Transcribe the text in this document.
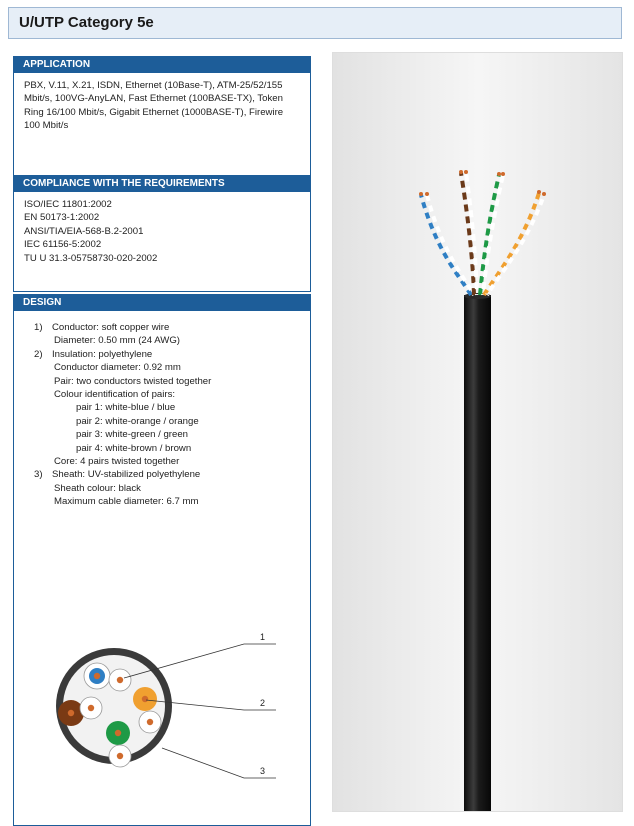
U/UTP Category 5e
APPLICATION
PBX, V.11, X.21, ISDN, Ethernet (10Base-T), ATM-25/52/155
Mbit/s, 100VG-AnyLAN, Fast Ethernet (100BASE-TX), Token
Ring 16/100 Mbit/s, Gigabit Ethernet (1000BASE-T), Firewire
100 Mbit/s
COMPLIANCE WITH THE REQUIREMENTS
ISO/IEC 11801:2002
EN 50173-1:2002
ANSI/TIA/EIA-568-B.2-2001
IEC 61156-5:2002
TU U 31.3-05758730-020-2002
DESIGN
1) Conductor: soft copper wire
Diameter: 0.50 mm (24 AWG)
2) Insulation: polyethylene
Conductor diameter: 0.92 mm
Pair: two conductors twisted together
Colour identification of pairs:
pair 1: white-blue / blue
pair 2: white-orange / orange
pair 3: white-green / green
pair 4: white-brown / brown
Core: 4 pairs twisted together
3) Sheath: UV-stabilized polyethylene
Sheath colour: black
Maximum cable diameter: 6.7 mm
1
2
3
